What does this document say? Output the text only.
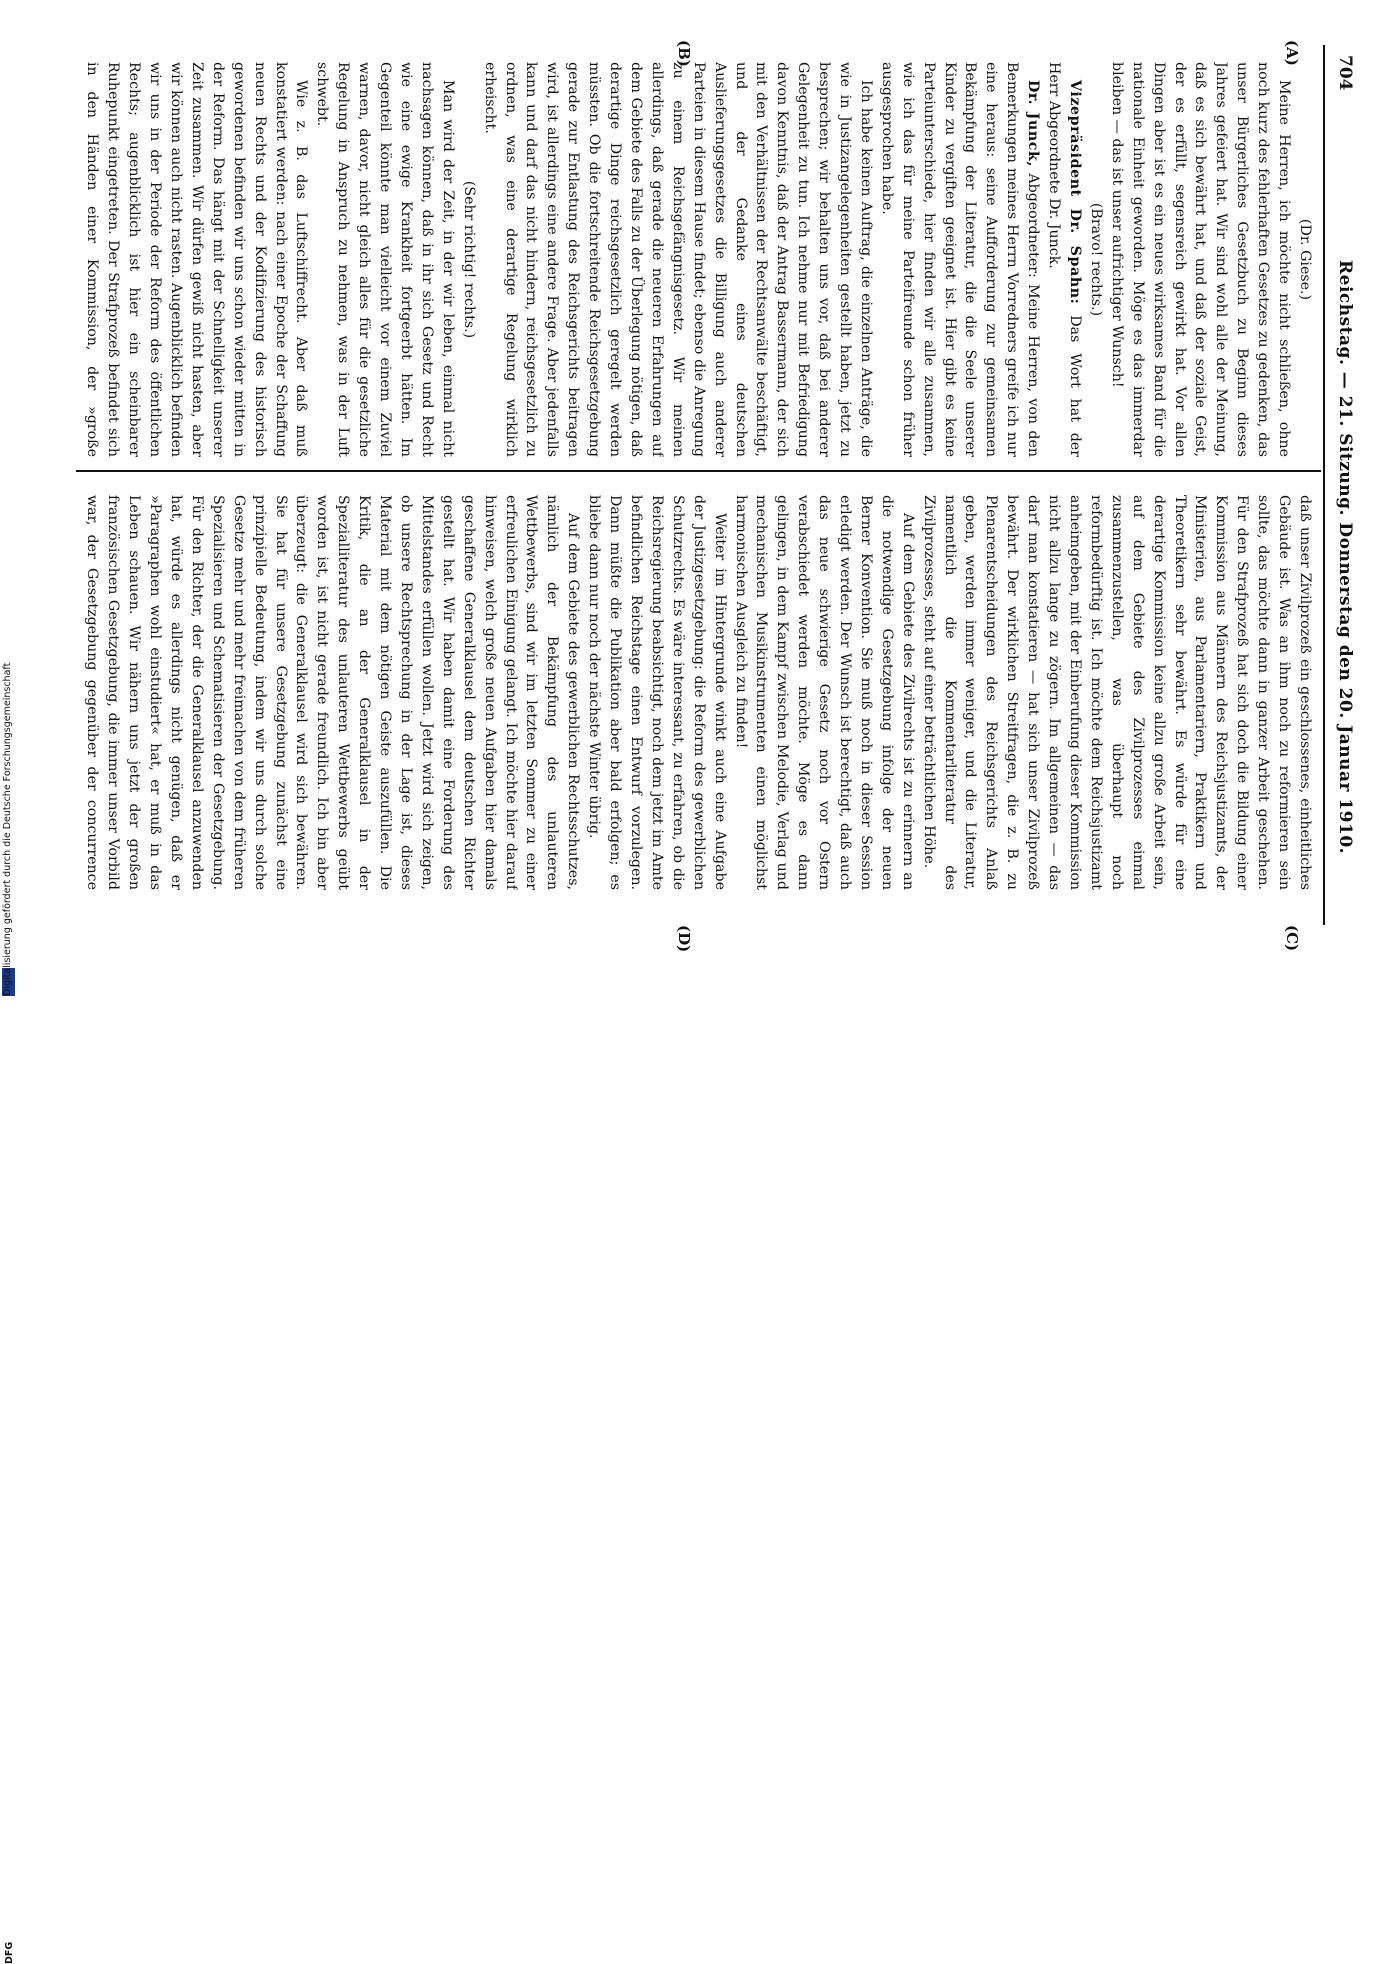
704
Reichstag. — 21. Sitzung. Donnerstag den 20. Januar 1910.
(A)
(B)
(C)
(D)

(Dr. Giese.)

Meine Herren, ich möchte nicht schließen, ohne noch kurz des fehlerhaften Gesetzes zu gedenken, das unser Bürgerliches Gesetzbuch zu Beginn dieses Jahres gefeiert hat. Wir sind wohl alle der Meinung, daß es sich bewährt hat, und daß der soziale Geist, der es erfüllt, segensreich gewirkt hat. Vor allen Dingen aber ist es ein neues wirksames Band für die nationale Einheit geworden. Möge es das immerdar bleiben — das ist unser aufrichtiger Wunsch!

(Bravo! rechts.)

Vizepräsident Dr. Spahn: Das Wort hat der Herr Abgeordnete Dr. Junck.

Dr. Junck, Abgeordneter: Meine Herren, von den Bemerkungen meines Herrn Vorredners greife ich nur eine heraus: seine Aufforderung zur gemeinsamen Bekämpfung der Literatur, die die Seele unserer Kinder zu vergiften geeignet ist. Hier gibt es keine Parteiunterschiede, hier finden wir alle zusammen, wie ich das für meine Parteifreunde schon früher ausgesprochen habe.

Ich habe keinen Auftrag, die einzelnen Anträge, die wie in Justizangelegenheiten gestellt haben, jetzt zu besprechen; wir behalten uns vor, daß bei anderer Gelegenheit zu tun. Ich nehme nur mit Befriedigung davon Kenntnis, daß der Antrag Bassermann, der sich mit den Verhältnissen der Rechtsanwälte beschäftigt, und der Gedanke eines deutschen Auslieferungsgesetzes die Billigung auch anderer Parteien in diesem Hause findet; ebenso die Anregung zu einem Reichsgefängnisgesetz. Wir meinen allerdings, daß gerade die neueren Erfahrungen auf dem Gebiete des Falls zu der Überlegung nötigen, daß derartige Dinge reichsgesetzlich geregelt werden müssten. Ob die fortschreitende Reichsgesetzgebung gerade zur Entlastung des Reichsgerichts beitragen wird, ist allerdings eine andere Frage. Aber jedenfalls kann und darf das nicht hindern, reichsgesetzlich zu ordnen, was eine derartige Regelung wirklich erheischt.

(Sehr richtig! rechts.)

Man wird der Zeit, in der wir leben, einmal nicht nachsagen können, daß in ihr sich Gesetz und Recht wie eine ewige Krankheit fortgeerbt hätten. Im Gegenteil könnte man vielleicht vor einem Zuviel warnen, davor, nicht gleich alles für die gesetzliche Regelung in Anspruch zu nehmen, was in der Luft schwebt.

Wie z. B. das Luftschiffrecht. Aber daß muß konstatiert werden: nach einer Epoche der Schaffung neuen Rechts und der Kodifizierung des historisch gewordenen befinden wir uns schon wieder mitten in der Reform. Das hängt mit der Schnelligkeit unserer Zeit zusammen. Wir dürfen gewiß nicht hasten, aber wir können auch nicht rasten. Augenblicklich befinden wir uns in der Periode der Reform des öffentlichen Rechts; augenblicklich ist hier ein scheinbarer Ruhepunkt eingetreten. Der Strafprozeß befindet sich in den Händen einer Kommission, der »große

daß unser Zivilprozeß ein geschlossenes, einheitliches Gebäude ist. Was an ihm noch zu reformieren sein sollte, das möchte dann in ganzer Arbeit geschehen. Für den Strafprozeß hat sich doch die Bildung einer Kommission aus Männern des Reichsjustizamts, der Ministerien, aus Parlamentariern, Praktikern und Theoretikern sehr bewährt. Es würde für eine derartige Kommission keine allzu große Arbeit sein, auf dem Gebiete des Zivilprozesses einmal zusammenzustellen, was überhaupt noch reformbedürftig ist. Ich möchte dem Reichsjustizamt anheimgeben, mit der Einberufung dieser Kommission nicht allzu lange zu zögern. Im allgemeinen — das darf man konstatieren — hat sich unser Zivilprozeß bewährt. Der wirklichen Streitfragen, die z. B. zu Plenarentscheidungen des Reichsgerichts Anlaß geben, werden immer weniger, und die Literatur, namentlich die Kommentarliteratur des Zivilprozesses, steht auf einer beträchtlichen Höhe.

Auf dem Gebiete des Zivilrechts ist zu erinnern an die notwendige Gesetzgebung infolge der neuen Berner Konvention. Sie muß noch in dieser Session erledigt werden. Der Wunsch ist berechtigt, daß auch das neue schwierige Gesetz noch vor Ostern verabschiedet werden möchte. Möge es dann gelingen, in dem Kampf zwischen Melodie, Verlag und mechanischen Musikinstrumenten einen möglichst harmonischen Ausgleich zu finden!

Weiter im Hintergrunde winkt auch eine Aufgabe der Justizgesetzgebung: die Reform des gewerblichen Schutzrechts. Es wäre interessant, zu erfahren, ob die Reichsregierung beabsichtigt, noch dem jetzt im Amte befindlichen Reichstage einen Entwurf vorzulegen. Dann müßte die Publikation aber bald erfolgen; es bliebe dann nur noch der nächste Winter übrig.

Auf dem Gebiete des gewerblichen Rechtsschutzes, nämlich der Bekämpfung des unlauteren Wettbewerbs, sind wir im letzten Sommer zu einer erfreulichen Einigung gelangt. Ich möchte hier darauf hinweisen, welch große neuen Aufgaben hier damals geschaffene Generalklausel dem deutschen Richter gestellt hat. Wir haben damit eine Forderung des Mittelstandes erfüllen wollen. Jetzt wird sich zeigen, ob unsere Rechtsprechung in der Lage ist, dieses Material mit dem nötigen Geiste auszufüllen. Die Kritik, die an der Generalklausel in der Spezialliteratur des unlauteren Wettbewerbs geübt worden ist, ist nicht gerade freundlich. Ich bin aber überzeugt: die Generalklausel wird sich bewähren. Sie hat für unsere Gesetzgebung zunächst eine prinzipielle Bedeutung, indem wir uns durch solche Gesetze mehr und mehr freimachen von dem früheren Spezialisieren und Schematisieren der Gesetzgebung. Für den Richter, der die Generalklausel anzuwenden hat, würde es allerdings nicht genügen, daß er »Paragraphen wohl einstudiert« hat, er muß in das Leben schauen. Wir nähern uns jetzt der großen französischen Gesetzgebung, die immer unser Vorbild war, der Gesetzgebung gegenüber der concurrence

DFG
Digitalisierung gefördert durch die Deutsche Forschungsgemeinschaft
